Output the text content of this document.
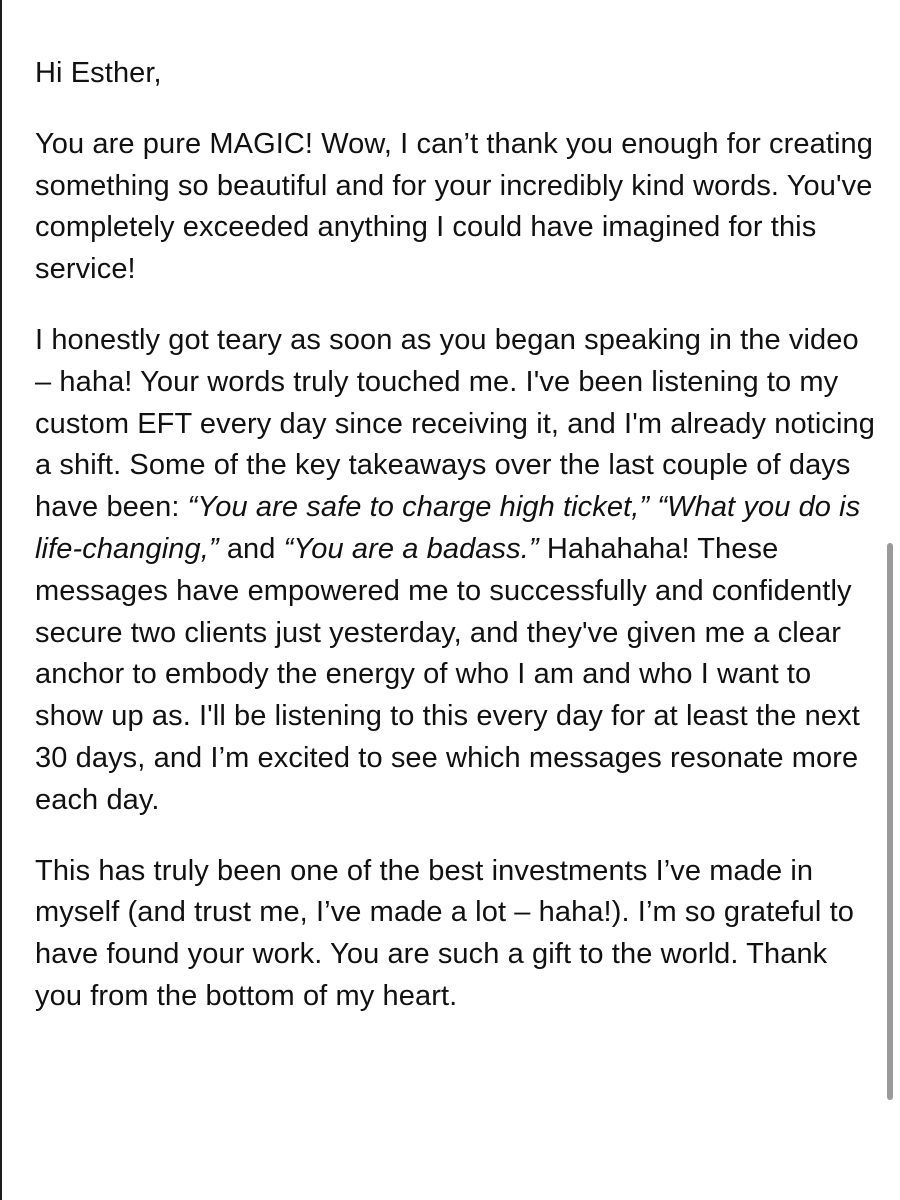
Hi Esther,

You are pure MAGIC! Wow, I can’t thank you enough for creating something so beautiful and for your incredibly kind words. You've completely exceeded anything I could have imagined for this service!

I honestly got teary as soon as you began speaking in the video – haha! Your words truly touched me. I've been listening to my custom EFT every day since receiving it, and I'm already noticing a shift. Some of the key takeaways over the last couple of days have been: “You are safe to charge high ticket,” “What you do is life-changing,” and “You are a badass.” Hahahaha! These messages have empowered me to successfully and confidently secure two clients just yesterday, and they've given me a clear anchor to embody the energy of who I am and who I want to show up as. I'll be listening to this every day for at least the next 30 days, and I’m excited to see which messages resonate more each day.

This has truly been one of the best investments I’ve made in myself (and trust me, I’ve made a lot – haha!). I’m so grateful to have found your work. You are such a gift to the world. Thank you from the bottom of my heart.
